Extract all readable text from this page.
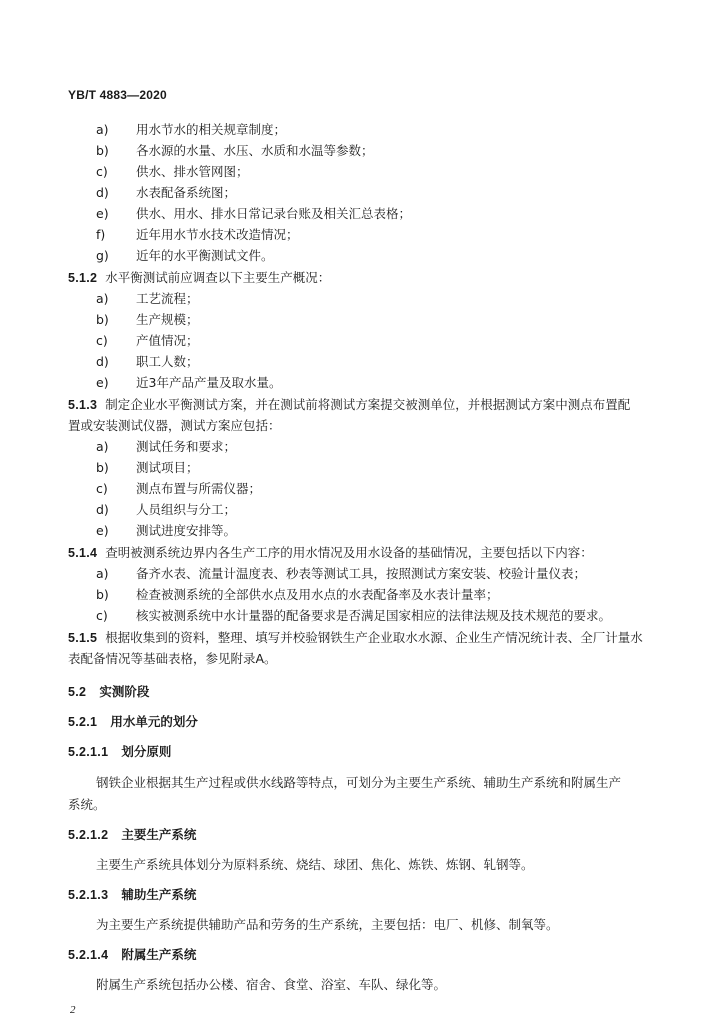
YB/T 4883—2020
a) 用水节水的相关规章制度；
b) 各水源的水量、水压、水质和水温等参数；
c) 供水、排水管网图；
d) 水表配备系统图；
e) 供水、用水、排水日常记录台账及相关汇总表格；
f) 近年用水节水技术改造情况；
g) 近年的水平衡测试文件。
5.1.2 水平衡测试前应调查以下主要生产概况：
a) 工艺流程；
b) 生产规模；
c) 产值情况；
d) 职工人数；
e) 近3年产品产量及取水量。
5.1.3 制定企业水平衡测试方案，并在测试前将测试方案提交被测单位，并根据测试方案中测点布置配
置或安装测试仪器，测试方案应包括：
a) 测试任务和要求；
b) 测试项目；
c) 测点布置与所需仪器；
d) 人员组织与分工；
e) 测试进度安排等。
5.1.4 查明被测系统边界内各生产工序的用水情况及用水设备的基础情况，主要包括以下内容：
a) 备齐水表、流量计温度表、秒表等测试工具，按照测试方案安装、校验计量仪表；
b) 检查被测系统的全部供水点及用水点的水表配备率及水表计量率；
c) 核实被测系统中水计量器的配备要求是否满足国家相应的法律法规及技术规范的要求。
5.1.5 根据收集到的资料，整理、填写并校验钢铁生产企业取水水源、企业生产情况统计表、全厂计量水
表配备情况等基础表格，参见附录A。
5.2 实测阶段
5.2.1 用水单元的划分
5.2.1.1 划分原则
钢铁企业根据其生产过程或供水线路等特点，可划分为主要生产系统、辅助生产系统和附属生产
系统。
5.2.1.2 主要生产系统
主要生产系统具体划分为原料系统、烧结、球团、焦化、炼铁、炼钢、轧钢等。
5.2.1.3 辅助生产系统
为主要生产系统提供辅助产品和劳务的生产系统，主要包括：电厂、机修、制氧等。
5.2.1.4 附属生产系统
附属生产系统包括办公楼、宿舍、食堂、浴室、车队、绿化等。
2
